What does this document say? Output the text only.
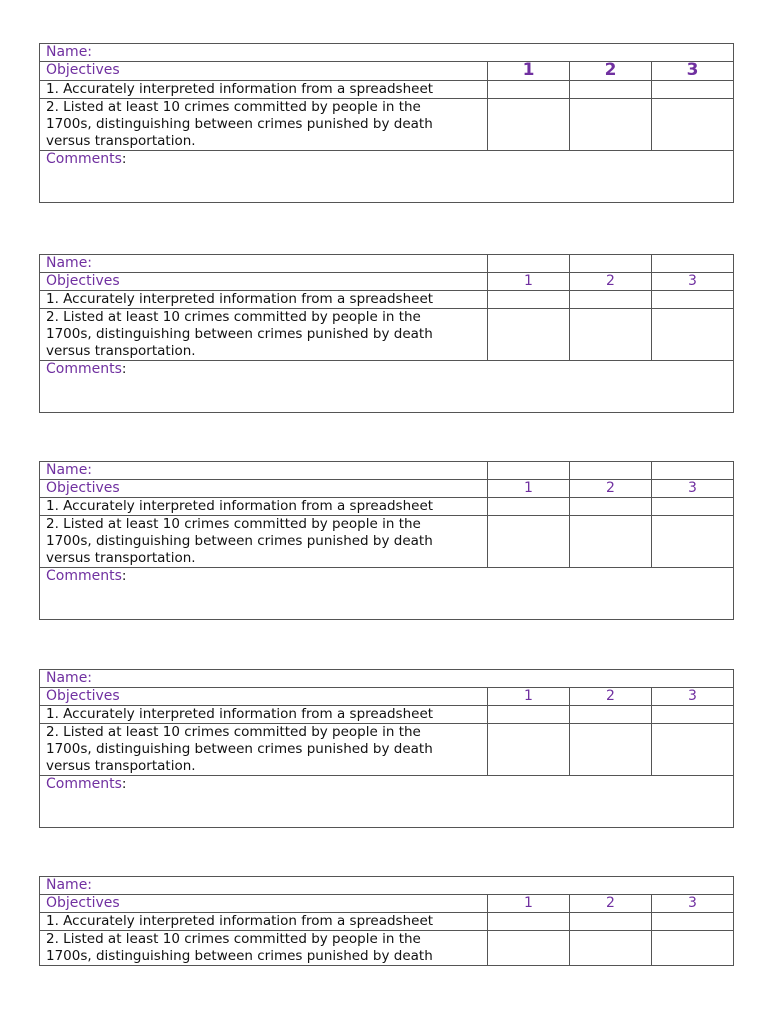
Name:			
Objectives	1	2	3
1. Accurately interpreted information from a spreadsheet			
2. Listed at least 10 crimes committed by people in the
1700s, distinguishing between crimes punished by death
versus transportation.			
Comments:			
Name:			
Objectives	1	2	3
1. Accurately interpreted information from a spreadsheet			
2. Listed at least 10 crimes committed by people in the
1700s, distinguishing between crimes punished by death
versus transportation.			
Comments:			
Name:			
Objectives	1	2	3
1. Accurately interpreted information from a spreadsheet			
2. Listed at least 10 crimes committed by people in the
1700s, distinguishing between crimes punished by death
versus transportation.			
Comments:			
Name:			
Objectives	1	2	3
1. Accurately interpreted information from a spreadsheet			
2. Listed at least 10 crimes committed by people in the
1700s, distinguishing between crimes punished by death
versus transportation.			
Comments:			
Name:			
Objectives	1	2	3
1. Accurately interpreted information from a spreadsheet			
2. Listed at least 10 crimes committed by people in the
1700s, distinguishing between crimes punished by death			
